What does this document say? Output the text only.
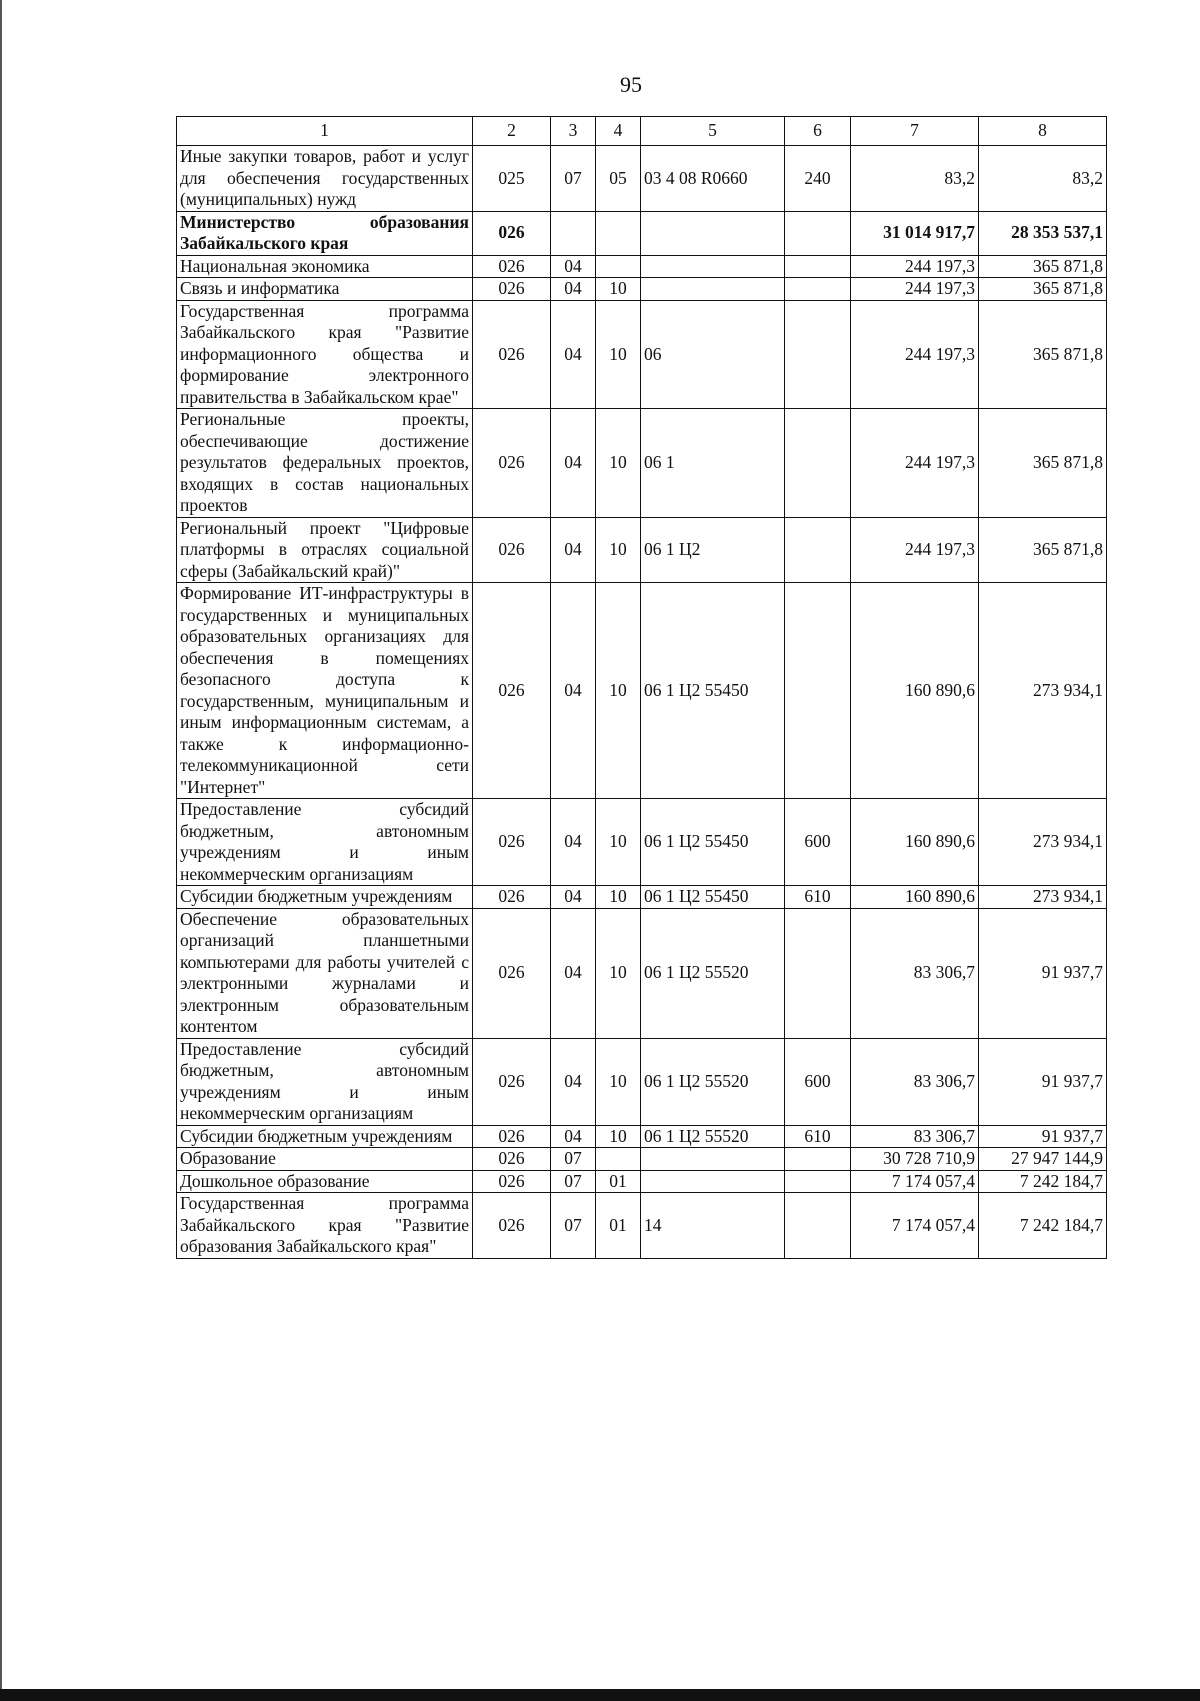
95
1	2	3	4	5	6	7	8
Иные закупки товаров, работ и услуг для обеспечения государственных (муниципальных) нужд	025	07	05	03 4 08 R0660	240	83,2	83,2
Министерство образования Забайкальского края	026					31 014 917,7	28 353 537,1
Национальная экономика	026	04				244 197,3	365 871,8
Связь и информатика	026	04	10			244 197,3	365 871,8
Государственная программа Забайкальского края "Развитие информационного общества и формирование электронного правительства в Забайкальском крае"	026	04	10	06		244 197,3	365 871,8
Региональные проекты, обеспечивающие достижение результатов федеральных проектов, входящих в состав национальных проектов	026	04	10	06 1		244 197,3	365 871,8
Региональный проект "Цифровые платформы в отраслях социальной сферы (Забайкальский край)"	026	04	10	06 1 Ц2		244 197,3	365 871,8
Формирование ИТ-инфраструктуры в государственных и муниципальных образовательных организациях для обеспечения в помещениях безопасного доступа к государственным, муниципальным и иным информационным системам, а также к информационно-телекоммуникационной сети "Интернет"	026	04	10	06 1 Ц2 55450		160 890,6	273 934,1
Предоставление субсидий бюджетным, автономным учреждениям и иным некоммерческим организациям	026	04	10	06 1 Ц2 55450	600	160 890,6	273 934,1
Субсидии бюджетным учреждениям	026	04	10	06 1 Ц2 55450	610	160 890,6	273 934,1
Обеспечение образовательных организаций планшетными компьютерами для работы учителей с электронными журналами и электронным образовательным контентом	026	04	10	06 1 Ц2 55520		83 306,7	91 937,7
Предоставление субсидий бюджетным, автономным учреждениям и иным некоммерческим организациям	026	04	10	06 1 Ц2 55520	600	83 306,7	91 937,7
Субсидии бюджетным учреждениям	026	04	10	06 1 Ц2 55520	610	83 306,7	91 937,7
Образование	026	07				30 728 710,9	27 947 144,9
Дошкольное образование	026	07	01			7 174 057,4	7 242 184,7
Государственная программа Забайкальского края "Развитие образования Забайкальского края"	026	07	01	14		7 174 057,4	7 242 184,7
